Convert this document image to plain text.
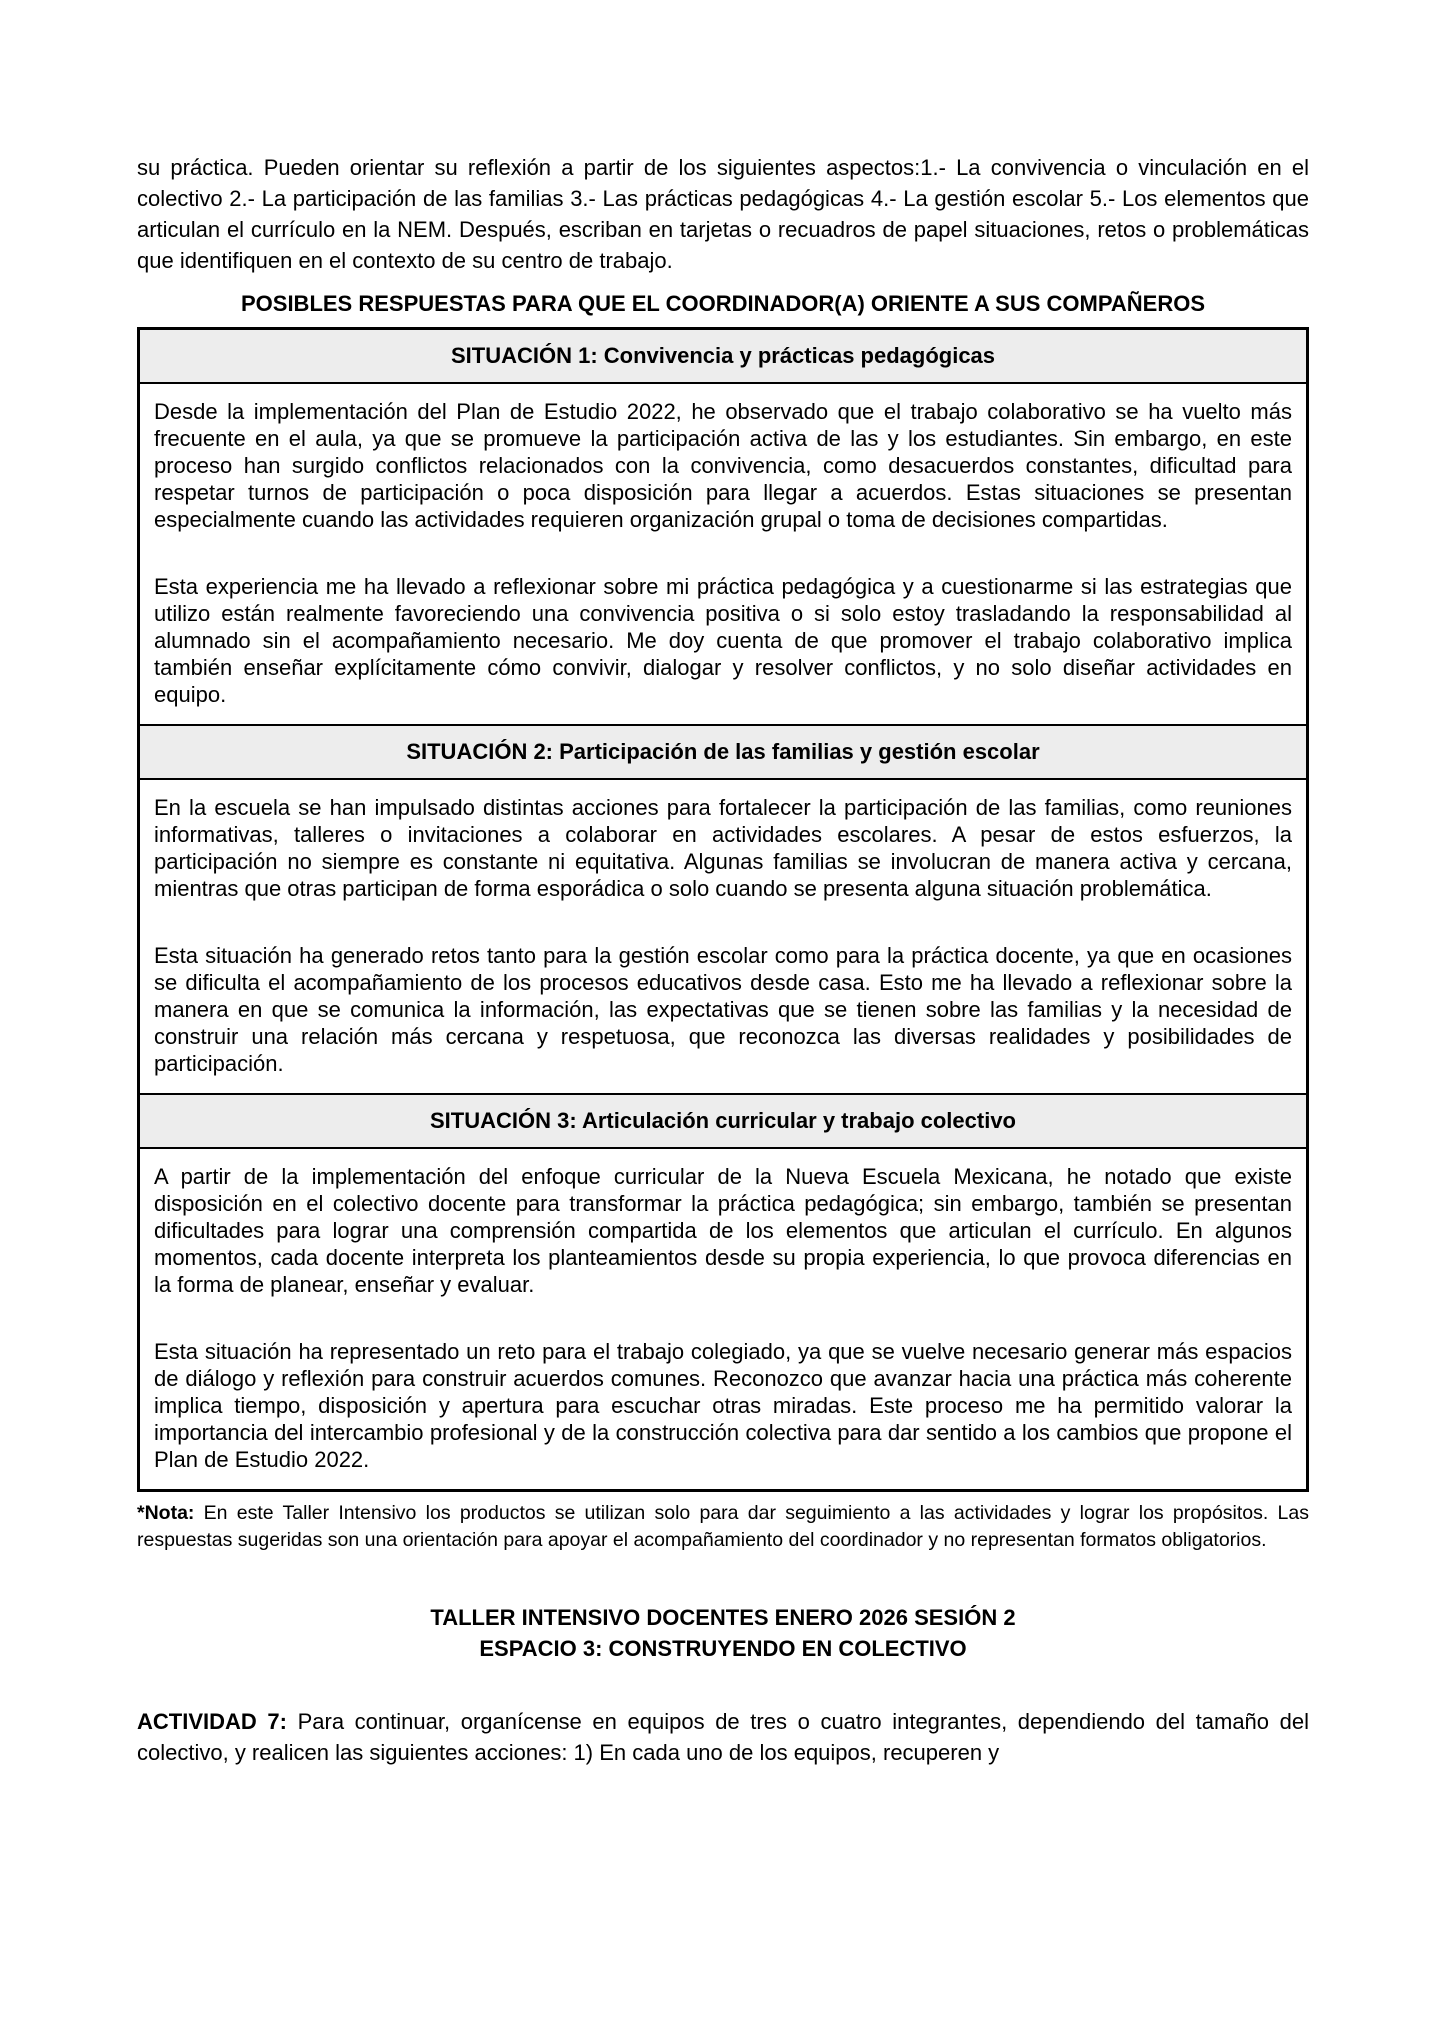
su práctica. Pueden orientar su reflexión a partir de los siguientes aspectos:1.- La convivencia o vinculación en el colectivo 2.- La participación de las familias 3.- Las prácticas pedagógicas 4.- La gestión escolar 5.- Los elementos que articulan el currículo en la NEM. Después, escriban en tarjetas o recuadros de papel situaciones, retos o problemáticas que identifiquen en el contexto de su centro de trabajo.

POSIBLES RESPUESTAS PARA QUE EL COORDINADOR(A) ORIENTE A SUS COMPAÑEROS

SITUACIÓN 1: Convivencia y prácticas pedagógicas

Desde la implementación del Plan de Estudio 2022, he observado que el trabajo colaborativo se ha vuelto más frecuente en el aula, ya que se promueve la participación activa de las y los estudiantes. Sin embargo, en este proceso han surgido conflictos relacionados con la convivencia, como desacuerdos constantes, dificultad para respetar turnos de participación o poca disposición para llegar a acuerdos. Estas situaciones se presentan especialmente cuando las actividades requieren organización grupal o toma de decisiones compartidas.

Esta experiencia me ha llevado a reflexionar sobre mi práctica pedagógica y a cuestionarme si las estrategias que utilizo están realmente favoreciendo una convivencia positiva o si solo estoy trasladando la responsabilidad al alumnado sin el acompañamiento necesario. Me doy cuenta de que promover el trabajo colaborativo implica también enseñar explícitamente cómo convivir, dialogar y resolver conflictos, y no solo diseñar actividades en equipo.

SITUACIÓN 2: Participación de las familias y gestión escolar

En la escuela se han impulsado distintas acciones para fortalecer la participación de las familias, como reuniones informativas, talleres o invitaciones a colaborar en actividades escolares. A pesar de estos esfuerzos, la participación no siempre es constante ni equitativa. Algunas familias se involucran de manera activa y cercana, mientras que otras participan de forma esporádica o solo cuando se presenta alguna situación problemática.

Esta situación ha generado retos tanto para la gestión escolar como para la práctica docente, ya que en ocasiones se dificulta el acompañamiento de los procesos educativos desde casa. Esto me ha llevado a reflexionar sobre la manera en que se comunica la información, las expectativas que se tienen sobre las familias y la necesidad de construir una relación más cercana y respetuosa, que reconozca las diversas realidades y posibilidades de participación.

SITUACIÓN 3: Articulación curricular y trabajo colectivo

A partir de la implementación del enfoque curricular de la Nueva Escuela Mexicana, he notado que existe disposición en el colectivo docente para transformar la práctica pedagógica; sin embargo, también se presentan dificultades para lograr una comprensión compartida de los elementos que articulan el currículo. En algunos momentos, cada docente interpreta los planteamientos desde su propia experiencia, lo que provoca diferencias en la forma de planear, enseñar y evaluar.

Esta situación ha representado un reto para el trabajo colegiado, ya que se vuelve necesario generar más espacios de diálogo y reflexión para construir acuerdos comunes. Reconozco que avanzar hacia una práctica más coherente implica tiempo, disposición y apertura para escuchar otras miradas. Este proceso me ha permitido valorar la importancia del intercambio profesional y de la construcción colectiva para dar sentido a los cambios que propone el Plan de Estudio 2022.

*Nota: En este Taller Intensivo los productos se utilizan solo para dar seguimiento a las actividades y lograr los propósitos. Las respuestas sugeridas son una orientación para apoyar el acompañamiento del coordinador y no representan formatos obligatorios.

TALLER INTENSIVO DOCENTES ENERO 2026 SESIÓN 2

ESPACIO 3: CONSTRUYENDO EN COLECTIVO

ACTIVIDAD 7: Para continuar, organícense en equipos de tres o cuatro integrantes, dependiendo del tamaño del colectivo, y realicen las siguientes acciones: 1) En cada uno de los equipos, recuperen y
